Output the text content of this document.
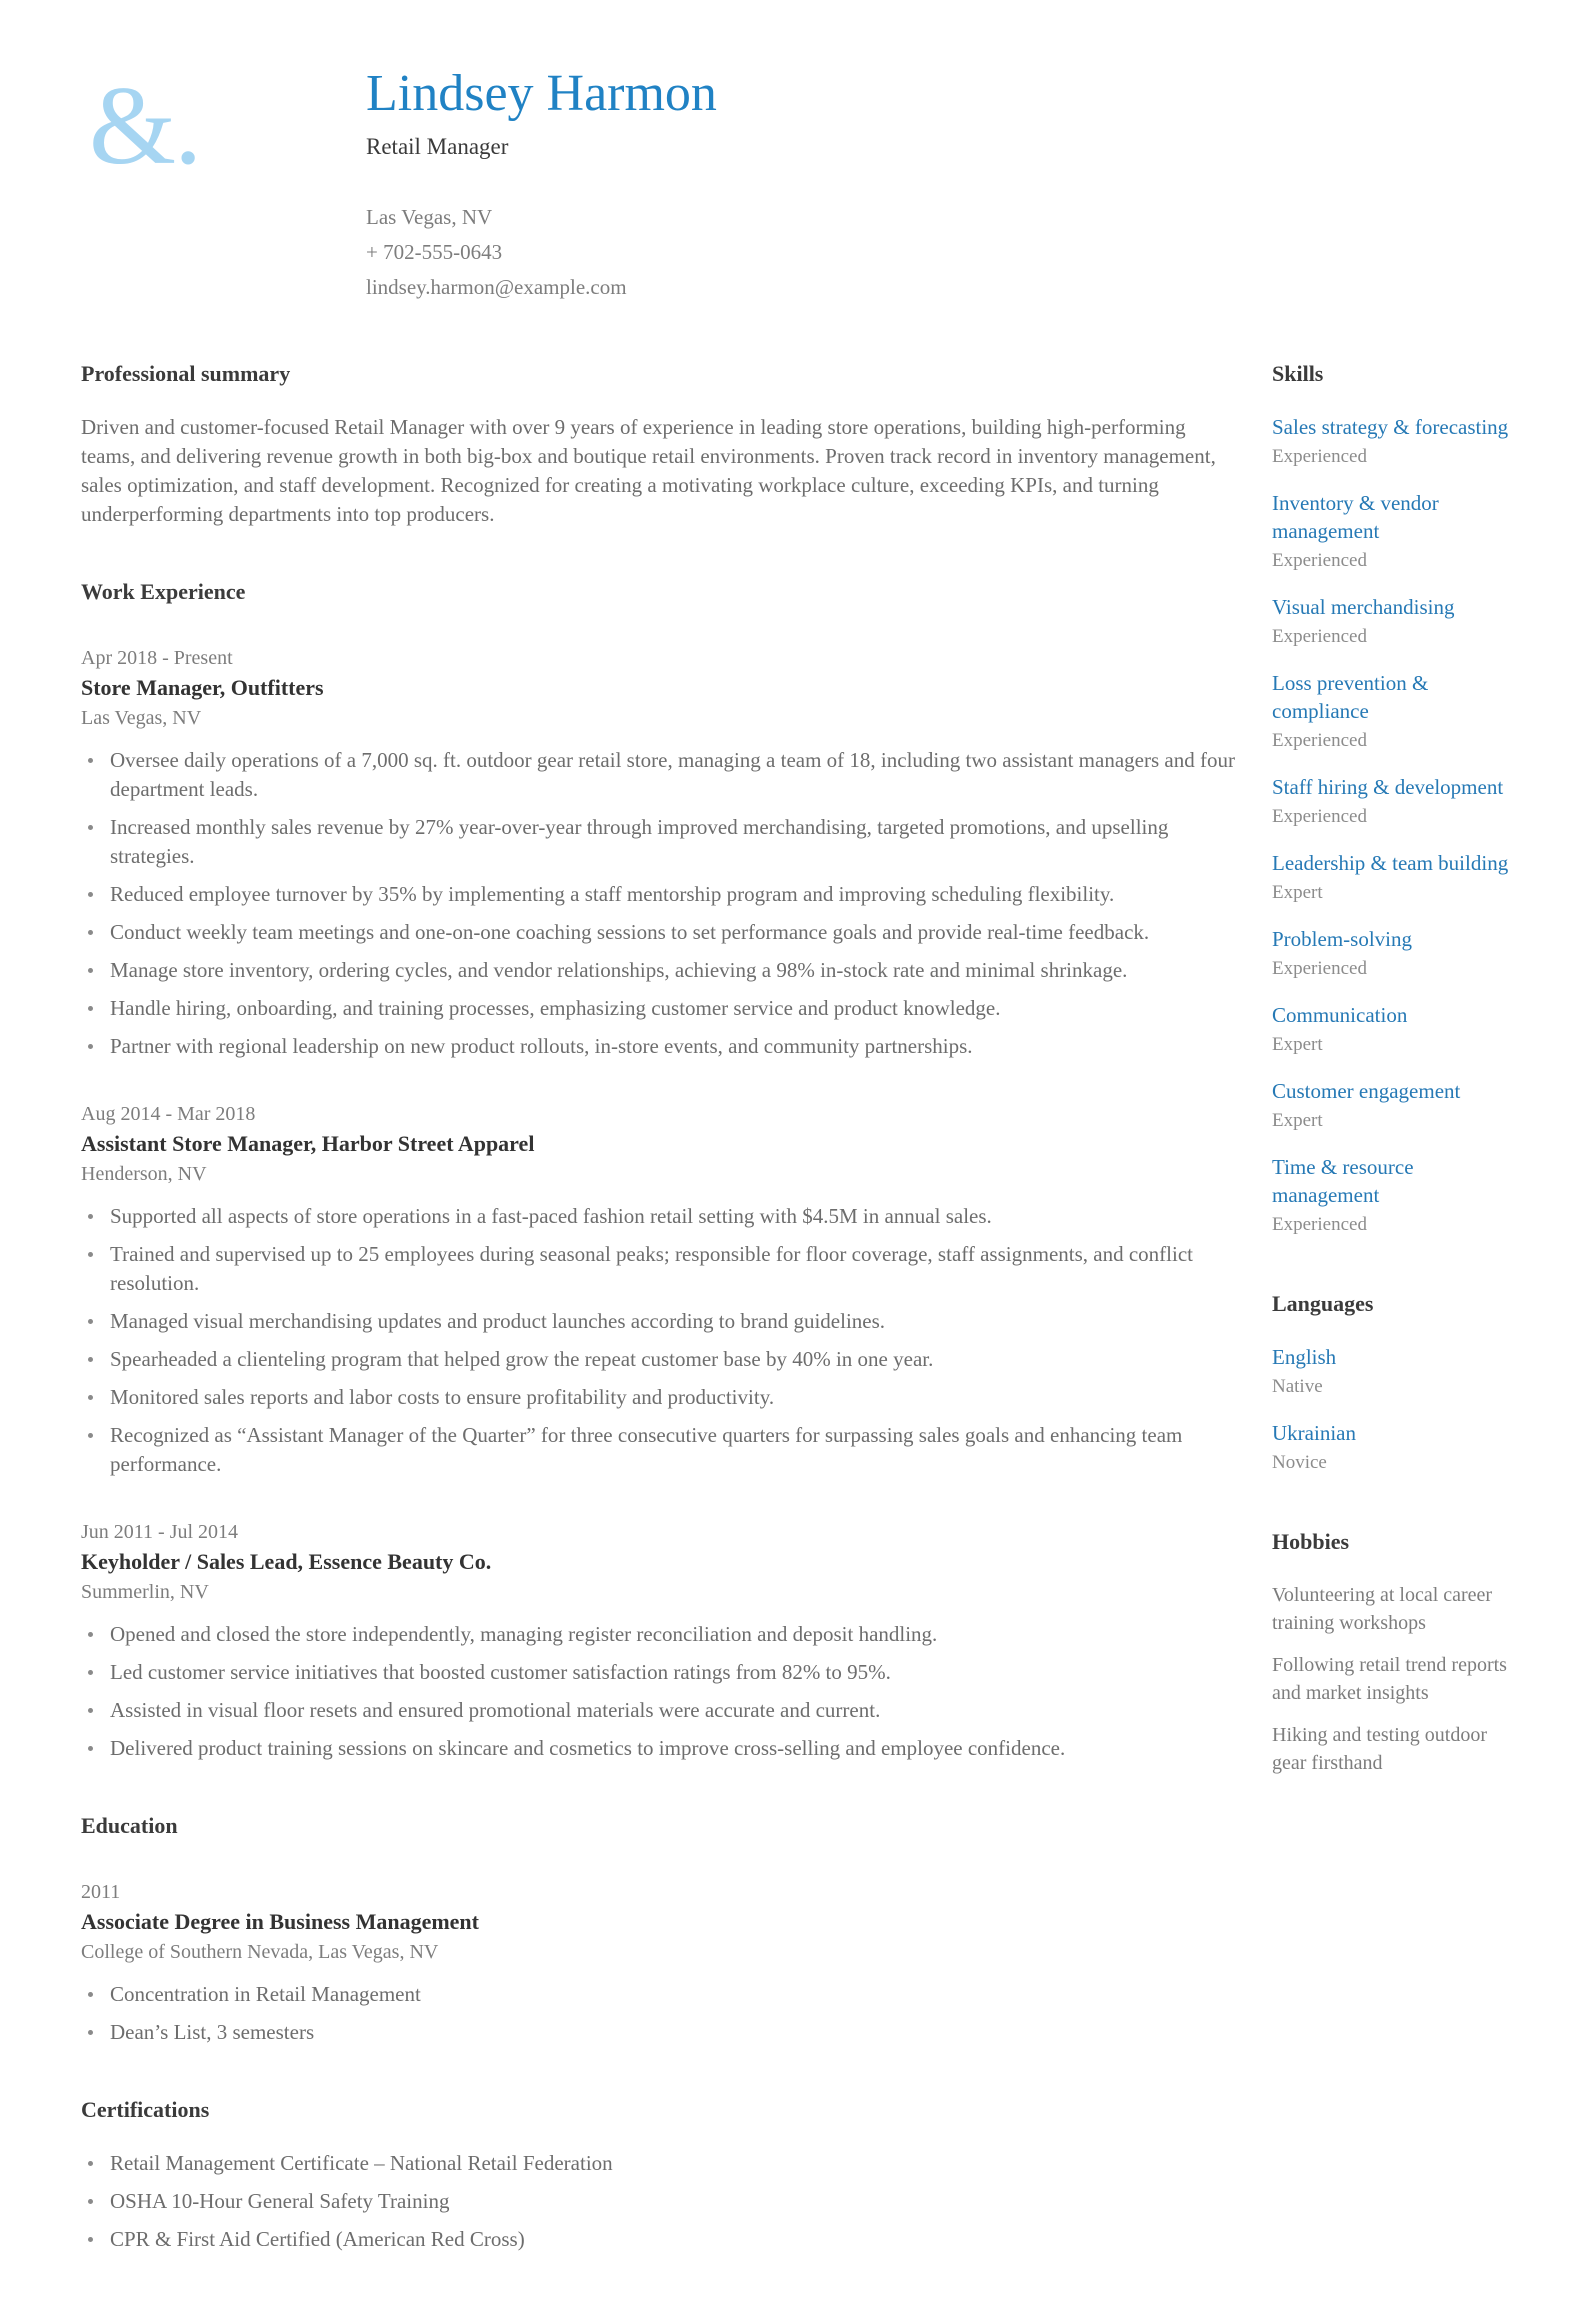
&.	Lindsey Harmon
Retail Manager
Las Vegas, NV
+ 702-555-0643
lindsey.harmon@example.com
Professional summary

Driven and customer-focused Retail Manager with over 9 years of experience in leading store operations, building high-performing teams, and delivering revenue growth in both big-box and boutique retail environments. Proven track record in inventory management, sales optimization, and staff development. Recognized for creating a motivating workplace culture, exceeding KPIs, and turning underperforming departments into top producers.

Work Experience
Apr 2018 - Present
Store Manager, Outfitters
Las Vegas, NV
Oversee daily operations of a 7,000 sq. ft. outdoor gear retail store, managing a team of 18, including two assistant managers and four department leads.
Increased monthly sales revenue by 27% year-over-year through improved merchandising, targeted promotions, and upselling strategies.
Reduced employee turnover by 35% by implementing a staff mentorship program and improving scheduling flexibility.
Conduct weekly team meetings and one-on-one coaching sessions to set performance goals and provide real-time feedback.
Manage store inventory, ordering cycles, and vendor relationships, achieving a 98% in-stock rate and minimal shrinkage.
Handle hiring, onboarding, and training processes, emphasizing customer service and product knowledge.
Partner with regional leadership on new product rollouts, in-store events, and community partnerships.
Aug 2014 - Mar 2018
Assistant Store Manager, Harbor Street Apparel
Henderson, NV
Supported all aspects of store operations in a fast-paced fashion retail setting with $4.5M in annual sales.
Trained and supervised up to 25 employees during seasonal peaks; responsible for floor coverage, staff assignments, and conflict resolution.
Managed visual merchandising updates and product launches according to brand guidelines.
Spearheaded a clienteling program that helped grow the repeat customer base by 40% in one year.
Monitored sales reports and labor costs to ensure profitability and productivity.
Recognized as “Assistant Manager of the Quarter” for three consecutive quarters for surpassing sales goals and enhancing team performance.
Jun 2011 - Jul 2014
Keyholder / Sales Lead, Essence Beauty Co.
Summerlin, NV
Opened and closed the store independently, managing register reconciliation and deposit handling.
Led customer service initiatives that boosted customer satisfaction ratings from 82% to 95%.
Assisted in visual floor resets and ensured promotional materials were accurate and current.
Delivered product training sessions on skincare and cosmetics to improve cross-selling and employee confidence.
Education
2011
Associate Degree in Business Management
College of Southern Nevada, Las Vegas, NV
Concentration in Retail Management
Dean’s List, 3 semesters
Certifications
Retail Management Certificate – National Retail Federation
OSHA 10-Hour General Safety Training
CPR & First Aid Certified (American Red Cross)
Skills
Sales strategy & forecasting
Experienced
Inventory & vendor management
Experienced
Visual merchandising
Experienced
Loss prevention & compliance
Experienced
Staff hiring & development
Experienced
Leadership & team building
Expert
Problem-solving
Experienced
Communication
Expert
Customer engagement
Expert
Time & resource management
Experienced
Languages
English
Native
Ukrainian
Novice
Hobbies
Volunteering at local career training workshops
Following retail trend reports and market insights
Hiking and testing outdoor gear firsthand
